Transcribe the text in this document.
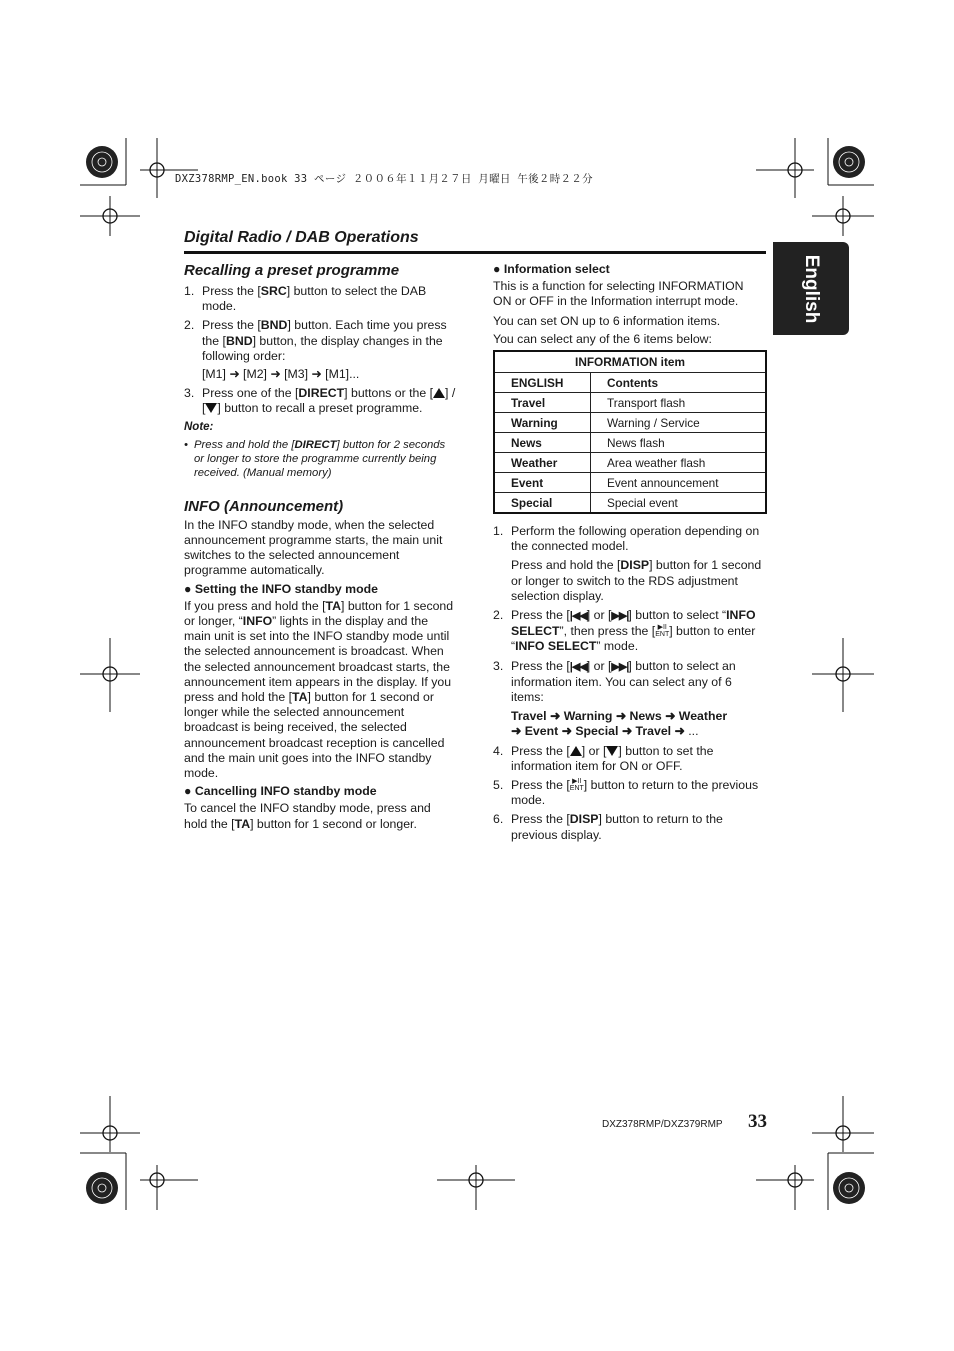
DXZ378RMP_EN.book 33 ページ ２００６年１１月２７日 月曜日 午後２時２２分
Digital Radio / DAB Operations
English

Recalling a preset programme

1. Press the [SRC] button to select the DAB mode.
2. Press the [BND] button. Each time you press the [BND] button, the display changes in the following order:
[M1] ➜ [M2] ➜ [M3] ➜ [M1]...
3. Press one of the [DIRECT] buttons or the [ ] / [ ] button to recall a preset programme.

Note:

• Press and hold the [DIRECT] button for 2 seconds or longer to store the programme currently being received. (Manual memory)

INFO (Announcement)

In the INFO standby mode, when the selected announcement programme starts, the main unit switches to the selected announcement programme automatically.

● Setting the INFO standby mode

If you press and hold the [TA] button for 1 second or longer, “INFO” lights in the display and the main unit is set into the INFO standby mode until the selected announcement is broadcast. When the selected announcement broadcast starts, the announcement item appears in the display. If you press and hold the [TA] button for 1 second or longer while the selected announcement broadcast is being received, the selected announcement broadcast reception is cancelled and the main unit goes into the INFO standby mode.

● Cancelling INFO standby mode

To cancel the INFO standby mode, press and hold the [TA] button for 1 second or longer.

● Information select

This is a function for selecting INFORMATION ON or OFF in the Information interrupt mode.

You can set ON up to 6 information items.

You can select any of the 6 items below:

INFORMATION item	
ENGLISH	Contents
Travel	Transport flash
Warning	Warning / Service
News	News flash
Weather	Area weather flash
Event	Event announcement
Special	Special event
1. Perform the following operation depending on the connected model.
Press and hold the [DISP] button for 1 second or longer to switch to the RDS adjustment selection display.
2. Press the [|◀◀] or [▶▶|] button to select “INFO SELECT”, then press the [ ▶II
ENT] button to enter “INFO SELECT” mode.
3. Press the [|◀◀] or [▶▶|] button to select an information item. You can select any of 6 items:
Travel ➜ Warning ➜ News ➜ Weather
➜ Event ➜ Special ➜ Travel ➜ ...
4. Press the [ ] or [ ] button to set the information item for ON or OFF.
5. Press the [ ▶II
ENT] button to return to the previous mode.
6. Press the [DISP] button to return to the previous display.
DXZ378RMP/DXZ379RMP 33
